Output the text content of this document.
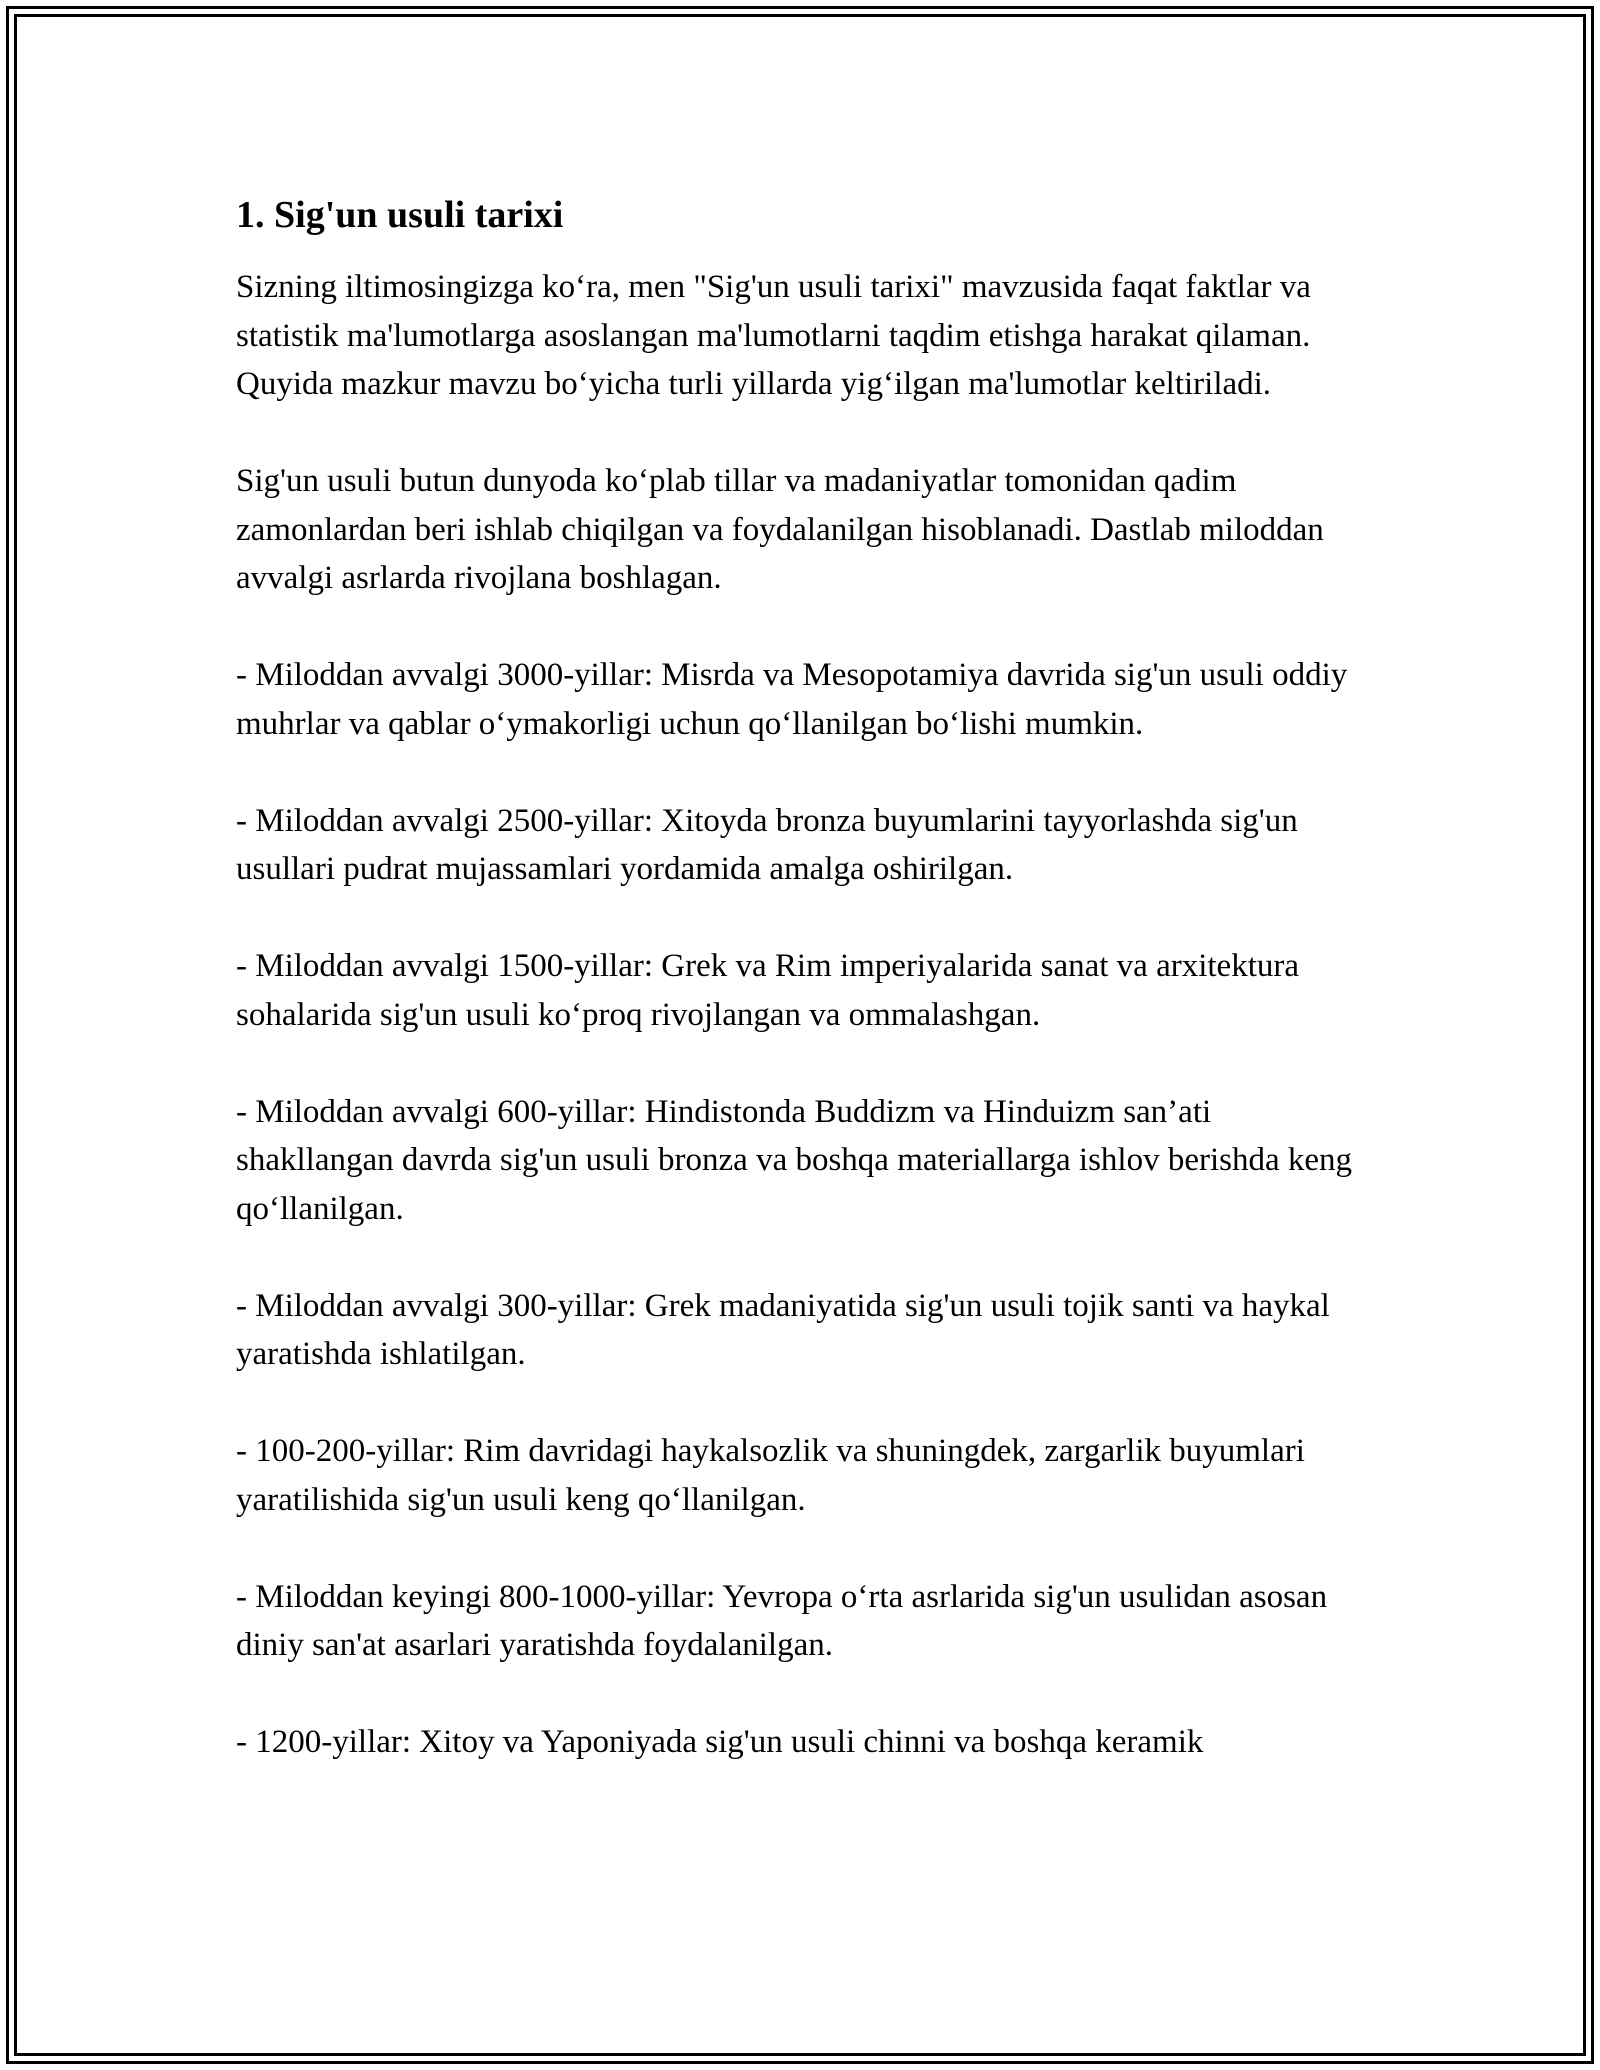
1. Sig'un usuli tarixi

Sizning iltimosingizga ko‘ra, men "Sig'un usuli tarixi" mavzusida faqat faktlar va statistik ma'lumotlarga asoslangan ma'lumotlarni taqdim etishga harakat qilaman. Quyida mazkur mavzu bo‘yicha turli yillarda yig‘ilgan ma'lumotlar keltiriladi.

Sig'un usuli butun dunyoda ko‘plab tillar va madaniyatlar tomonidan qadim zamonlardan beri ishlab chiqilgan va foydalanilgan hisoblanadi. Dastlab miloddan avvalgi asrlarda rivojlana boshlagan.

- Miloddan avvalgi 3000-yillar: Misrda va Mesopotamiya davrida sig'un usuli oddiy muhrlar va qablar o‘ymakorligi uchun qo‘llanilgan bo‘lishi mumkin.

- Miloddan avvalgi 2500-yillar: Xitoyda bronza buyumlarini tayyorlashda sig'un usullari pudrat mujassamlari yordamida amalga oshirilgan.

- Miloddan avvalgi 1500-yillar: Grek va Rim imperiyalarida sanat va arxitektura sohalarida sig'un usuli ko‘proq rivojlangan va ommalashgan.

- Miloddan avvalgi 600-yillar: Hindistonda Buddizm va Hinduizm san’ati shakllangan davrda sig'un usuli bronza va boshqa materiallarga ishlov berishda keng qo‘llanilgan.

- Miloddan avvalgi 300-yillar: Grek madaniyatida sig'un usuli tojik santi va haykal yaratishda ishlatilgan.

- 100-200-yillar: Rim davridagi haykalsozlik va shuningdek, zargarlik buyumlari yaratilishida sig'un usuli keng qo‘llanilgan.

- Miloddan keyingi 800-1000-yillar: Yevropa o‘rta asrlarida sig'un usulidan asosan diniy san'at asarlari yaratishda foydalanilgan.

- 1200-yillar: Xitoy va Yaponiyada sig'un usuli chinni va boshqa keramik
